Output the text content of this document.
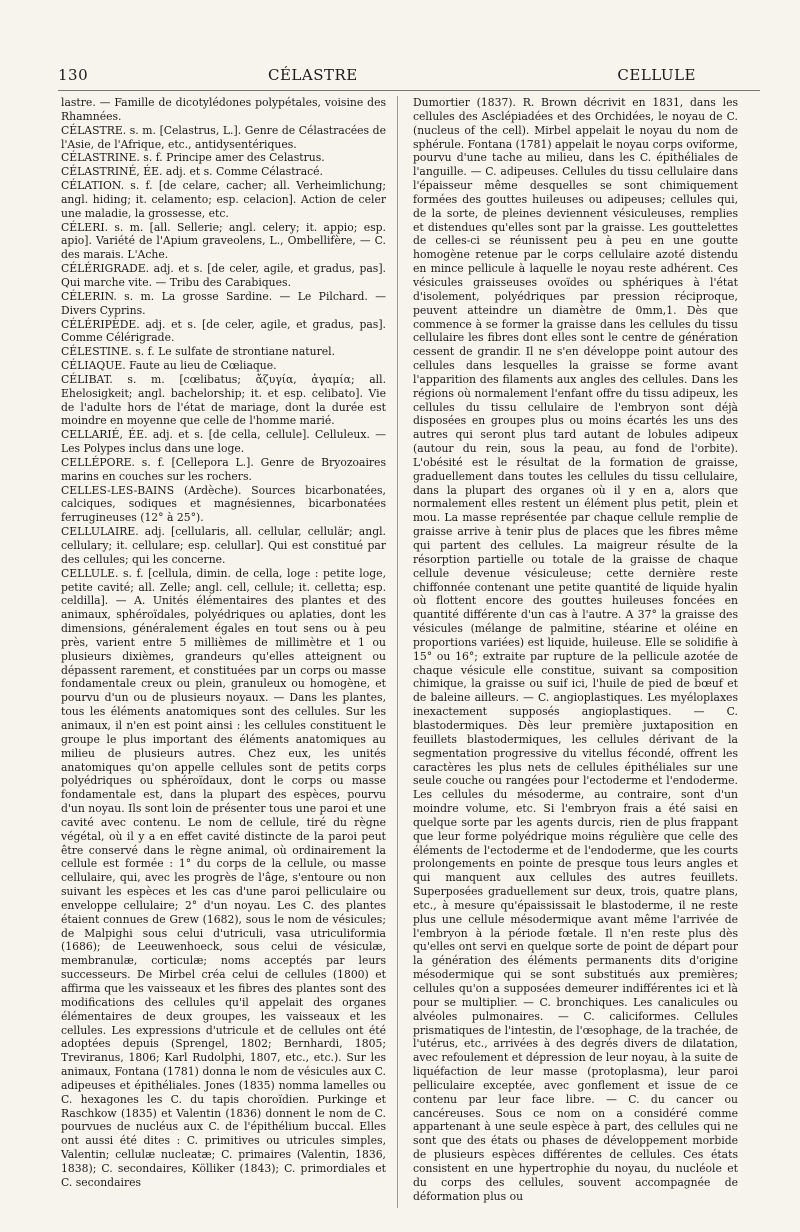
130	CÉLASTRE	CELLULE

lastre. — Famille de dicotylédones polypétales, voisine des Rhamnées.

CÉLASTRE. s. m. [Celastrus, L.]. Genre de Célastracées de l'Asie, de l'Afrique, etc., antidysentériques.

CÉLASTRINE. s. f. Principe amer des Celastrus.

CÉLASTRINÉ, ÉE. adj. et s. Comme Célastracé.

CÉLATION. s. f. [de celare, cacher; all. Verheimlichung; angl. hiding; it. celamento; esp. celacion]. Action de celer une maladie, la grossesse, etc.

CÉLERI. s. m. [all. Sellerie; angl. celery; it. appio; esp. apio]. Variété de l'Apium graveolens, L., Ombellifère, — C. des marais. L'Ache.

CÉLÉRIGRADE. adj. et s. [de celer, agile, et gradus, pas]. Qui marche vite. — Tribu des Carabiques.

CÉLERIN. s. m. La grosse Sardine. — Le Pilchard. — Divers Cyprins.

CÉLÉRIPÈDE. adj. et s. [de celer, agile, et gradus, pas]. Comme Célérigrade.

CÉLESTINE. s. f. Le sulfate de strontiane naturel.

CÉLIAQUE. Faute au lieu de Cœliaque.

CÉLIBAT. s. m. [cœlibatus; ἄζυγία, ἀγαμία; all. Ehelosigkeit; angl. bachelorship; it. et esp. celibato]. Vie de l'adulte hors de l'état de mariage, dont la durée est moindre en moyenne que celle de l'homme marié.

CELLARIÉ, ÉE. adj. et s. [de cella, cellule]. Celluleux. — Les Polypes inclus dans une loge.

CELLÉPORE. s. f. [Cellepora L.]. Genre de Bryozoaires marins en couches sur les rochers.

CELLES-LES-BAINS (Ardèche). Sources bicarbonatées, calciques, sodiques et magnésiennes, bicarbonatées ferrugineuses (12° à 25°).

CELLULAIRE. adj. [cellularis, all. cellular, cellulär; angl. cellulary; it. cellulare; esp. celullar]. Qui est constitué par des cellules; qui les concerne.

CELLULE. s. f. [cellula, dimin. de cella, loge : petite loge, petite cavité; all. Zelle; angl. cell, cellule; it. celletta; esp. celdilla]. — A. Unités élémentaires des plantes et des animaux, sphéroïdales, polyédriques ou aplaties, dont les dimensions, généralement égales en tout sens ou à peu près, varient entre 5 millièmes de millimètre et 1 ou plusieurs dixièmes, grandeurs qu'elles atteignent ou dépassent rarement, et constituées par un corps ou masse fondamentale creux ou plein, granuleux ou homogène, et pourvu d'un ou de plusieurs noyaux. — Dans les plantes, tous les éléments anatomiques sont des cellules. Sur les animaux, il n'en est point ainsi : les cellules constituent le groupe le plus important des éléments anatomiques au milieu de plusieurs autres. Chez eux, les unités anatomiques qu'on appelle cellules sont de petits corps polyédriques ou sphéroïdaux, dont le corps ou masse fondamentale est, dans la plupart des espèces, pourvu d'un noyau. Ils sont loin de présenter tous une paroi et une cavité avec contenu. Le nom de cellule, tiré du règne végétal, où il y a en effet cavité distincte de la paroi peut être conservé dans le règne animal, où ordinairement la cellule est formée : 1° du corps de la cellule, ou masse cellulaire, qui, avec les progrès de l'âge, s'entoure ou non suivant les espèces et les cas d'une paroi pelliculaire ou enveloppe cellulaire; 2° d'un noyau. Les C. des plantes étaient connues de Grew (1682), sous le nom de vésicules; de Malpighi sous celui d'utriculi, vasa utriculiformia (1686); de Leeuwenhoeck, sous celui de vésiculæ, membranulæ, corticulæ; noms acceptés par leurs successeurs. De Mirbel créa celui de cellules (1800) et affirma que les vaisseaux et les fibres des plantes sont des modifications des cellules qu'il appelait des organes élémentaires de deux groupes, les vaisseaux et les cellules. Les expressions d'utricule et de cellules ont été adoptées depuis (Sprengel, 1802; Bernhardi, 1805; Treviranus, 1806; Karl Rudolphi, 1807, etc., etc.). Sur les animaux, Fontana (1781) donna le nom de vésicules aux C. adipeuses et épithéliales. Jones (1835) nomma lamelles ou C. hexagones les C. du tapis choroïdien. Purkinge et Raschkow (1835) et Valentin (1836) donnent le nom de C. pourvues de nucléus aux C. de l'épithélium buccal. Elles ont aussi été dites : C. primitives ou utricules simples, Valentin; cellulæ nucleatæ; C. primaires (Valentin, 1836, 1838); C. secondaires, Kölliker (1843); C. primordiales et C. secondaires

Dumortier (1837). R. Brown décrivit en 1831, dans les cellules des Asclépiadées et des Orchidées, le noyau de C. (nucleus of the cell). Mirbel appelait le noyau du nom de sphérule. Fontana (1781) appelait le noyau corps oviforme, pourvu d'une tache au milieu, dans les C. épithéliales de l'anguille. — C. adipeuses. Cellules du tissu cellulaire dans l'épaisseur même desquelles se sont chimiquement formées des gouttes huileuses ou adipeuses; cellules qui, de la sorte, de pleines deviennent vésiculeuses, remplies et distendues qu'elles sont par la graisse. Les gouttelettes de celles-ci se réunissent peu à peu en une goutte homogène retenue par le corps cellulaire azoté distendu en mince pellicule à laquelle le noyau reste adhérent. Ces vésicules graisseuses ovoïdes ou sphériques à l'état d'isolement, polyédriques par pression réciproque, peuvent atteindre un diamètre de 0mm,1. Dès que commence à se former la graisse dans les cellules du tissu cellulaire les fibres dont elles sont le centre de génération cessent de grandir. Il ne s'en développe point autour des cellules dans lesquelles la graisse se forme avant l'apparition des filaments aux angles des cellules. Dans les régions où normalement l'enfant offre du tissu adipeux, les cellules du tissu cellulaire de l'embryon sont déjà disposées en groupes plus ou moins écartés les uns des autres qui seront plus tard autant de lobules adipeux (autour du rein, sous la peau, au fond de l'orbite). L'obésité est le résultat de la formation de graisse, graduellement dans toutes les cellules du tissu cellulaire, dans la plupart des organes où il y en a, alors que normalement elles restent un élément plus petit, plein et mou. La masse représentée par chaque cellule remplie de graisse arrive à tenir plus de places que les fibres même qui partent des cellules. La maigreur résulte de la résorption partielle ou totale de la graisse de chaque cellule devenue vésiculeuse; cette dernière reste chiffonnée contenant une petite quantité de liquide hyalin où flottent encore des gouttes huileuses foncées en quantité différente d'un cas à l'autre. A 37° la graisse des vésicules (mélange de palmitine, stéarine et oléine en proportions variées) est liquide, huileuse. Elle se solidifie à 15° ou 16°; extraite par rupture de la pellicule azotée de chaque vésicule elle constitue, suivant sa composition chimique, la graisse ou suif ici, l'huile de pied de bœuf et de baleine ailleurs. — C. angioplastiques. Les myéloplaxes inexactement supposés angioplastiques. — C. blastodermiques. Dès leur première juxtaposition en feuillets blastodermiques, les cellules dérivant de la segmentation progressive du vitellus fécondé, offrent les caractères les plus nets de cellules épithéliales sur une seule couche ou rangées pour l'ectoderme et l'endoderme. Les cellules du mésoderme, au contraire, sont d'un moindre volume, etc. Si l'embryon frais a été saisi en quelque sorte par les agents durcis, rien de plus frappant que leur forme polyédrique moins régulière que celle des éléments de l'ectoderme et de l'endoderme, que les courts prolongements en pointe de presque tous leurs angles et qui manquent aux cellules des autres feuillets. Superposées graduellement sur deux, trois, quatre plans, etc., à mesure qu'épaississait le blastoderme, il ne reste plus une cellule mésodermique avant même l'arrivée de l'embryon à la période fœtale. Il n'en reste plus dès qu'elles ont servi en quelque sorte de point de départ pour la génération des éléments permanents dits d'origine mésodermique qui se sont substitués aux premières; cellules qu'on a supposées demeurer indifférentes ici et là pour se multiplier. — C. bronchiques. Les canalicules ou alvéoles pulmonaires. — C. caliciformes. Cellules prismatiques de l'intestin, de l'œsophage, de la trachée, de l'utérus, etc., arrivées à des degrés divers de dilatation, avec refoulement et dépression de leur noyau, à la suite de liquéfaction de leur masse (protoplasma), leur paroi pelliculaire exceptée, avec gonflement et issue de ce contenu par leur face libre. — C. du cancer ou cancéreuses. Sous ce nom on a considéré comme appartenant à une seule espèce à part, des cellules qui ne sont que des états ou phases de développement morbide de plusieurs espèces différentes de cellules. Ces états consistent en une hypertrophie du noyau, du nucléole et du corps des cellules, souvent accompagnée de déformation plus ou
